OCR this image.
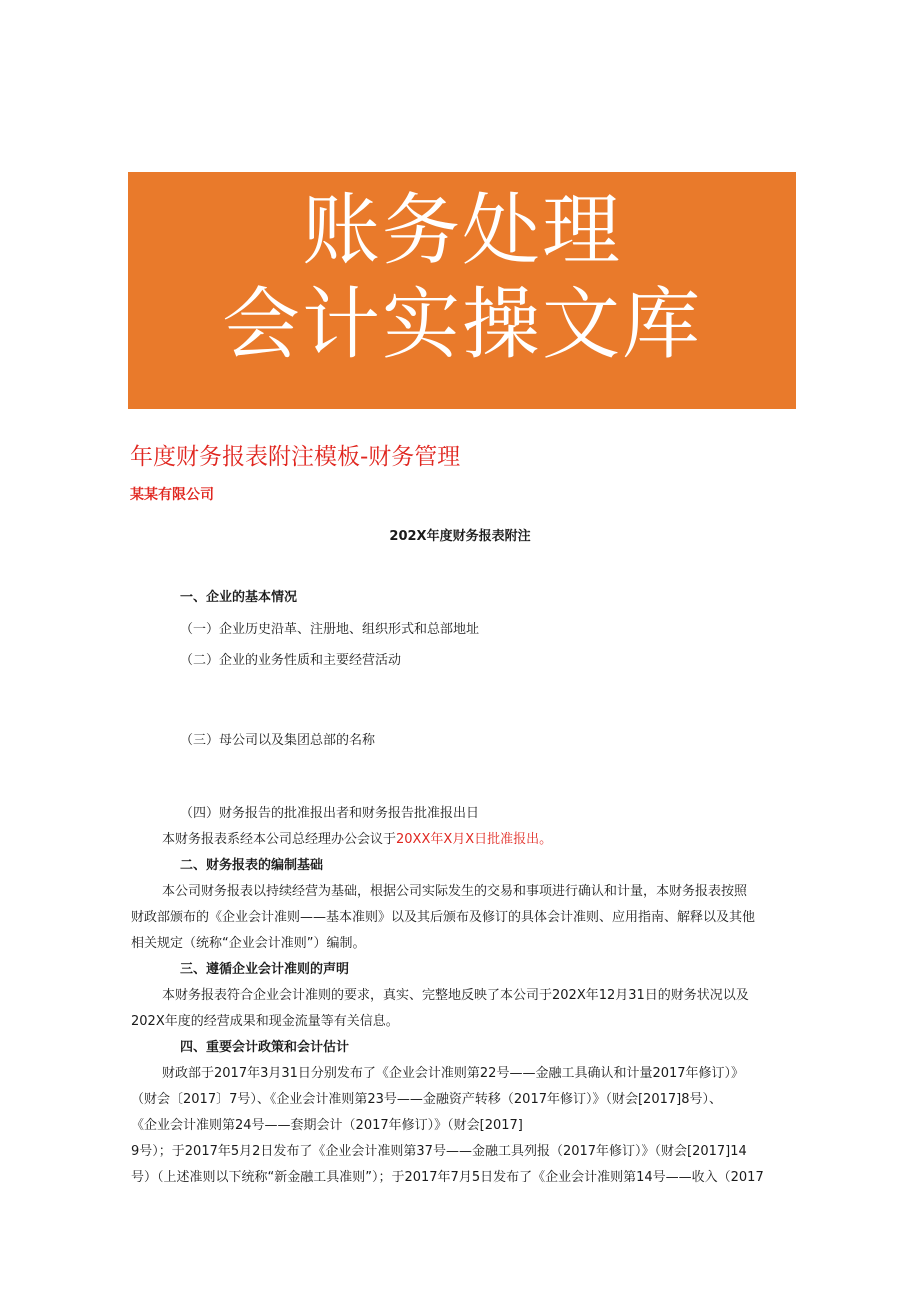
账务处理
会计实操文库
年度财务报表附注模板-财务管理
某某有限公司
202X年度财务报表附注
一、企业的基本情况
（一）企业历史沿革、注册地、组织形式和总部地址
（二）企业的业务性质和主要经营活动
（三）母公司以及集团总部的名称
（四）财务报告的批准报出者和财务报告批准报出日
本财务报表系经本公司总经理办公会议于20XX年X月X日批准报出。
二、财务报表的编制基础
本公司财务报表以持续经营为基础，根据公司实际发生的交易和事项进行确认和计量，本财务报表按照
财政部颁布的《企业会计准则——基本准则》以及其后颁布及修订的具体会计准则、应用指南、解释以及其他
相关规定（统称“企业会计准则”）编制。
三、遵循企业会计准则的声明
本财务报表符合企业会计准则的要求，真实、完整地反映了本公司于202X年12月31日的财务状况以及
202X年度的经营成果和现金流量等有关信息。
四、重要会计政策和会计估计
财政部于2017年3月31日分别发布了《企业会计准则第22号——金融工具确认和计量2017年修订）》
（财会〔2017〕7号）、《企业会计准则第23号——金融资产转移（2017年修订）》（财会[2017]8号）、
《企业会计准则第24号——套期会计（2017年修订）》（财会[2017]
9号）；于2017年5月2日发布了《企业会计准则第37号——金融工具列报（2017年修订）》（财会[2017]14
号）（上述准则以下统称“新金融工具准则”）；于2017年7月5日发布了《企业会计准则第14号——收入（2017
